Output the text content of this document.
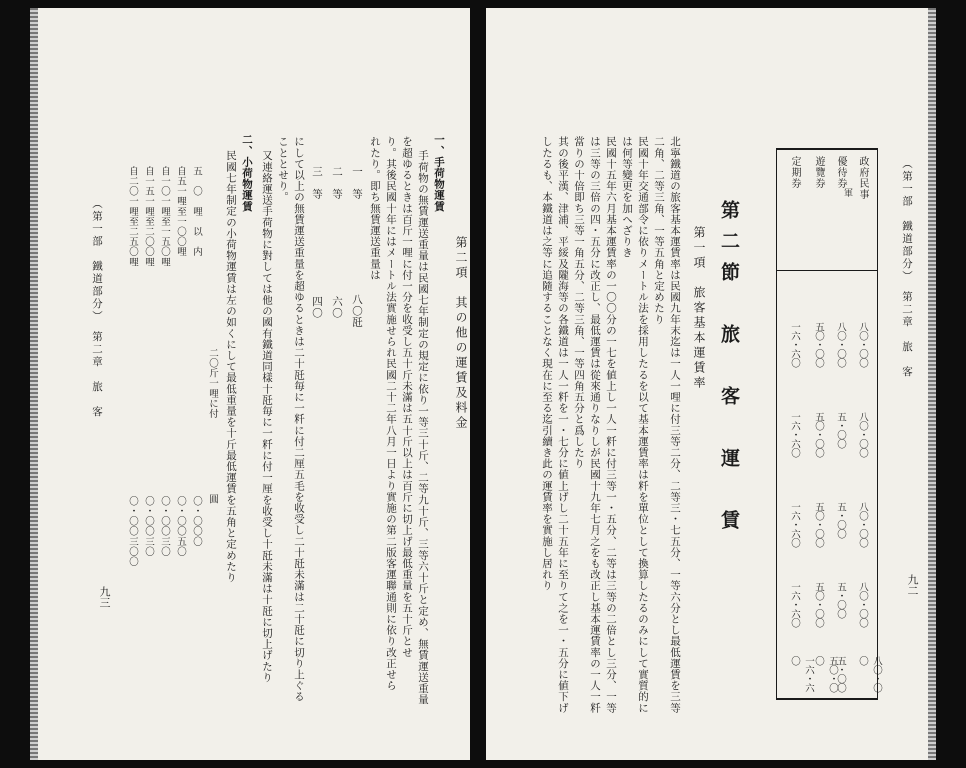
（第一部　鐵道部分）第二章　旅　客
九三
第二項　其の他の運賃及料金
一、手荷物運賃
手荷物の無賃運送重量は民國七年制定の規定に依り一等三十斤、二等九十斤、三等六十斤と定め、無賃運送重量
を超ゆるときは百斤一哩に付一分を收受し五十斤未滿は五十斤以上は百斤に切上げ最低重量を五十斤とせ
り。其後民國十年にはメートル法實施せられ民國二十二年八月一日より實施の第二版客運聯通則に依り改正せら
れたり。即ち無賃運送重量は
一　等
八〇瓩
二　等
六〇
三　等
四〇
にして以上の無賃運送重量を超ゆるときは二十瓩毎に一粁に付二厘五毛を收受し二十瓩未滿は二十瓩に切り上ぐる
こととせり。
又連絡運送手荷物に對しては他の國有鐵道同樣十瓩毎に一粁に付一厘を收受し十瓩未滿は十瓩に切上げたり
二、小荷物運賃
民國七年制定の小荷物運賃は左の如くにして最低重量を十斤最低運賃を五角と定めたり
二〇斤一哩に付
圓
五　〇　哩　以　内
〇・〇〇〇
自五一哩至一〇〇哩
〇・〇〇五〇
自一〇一哩至一五〇哩
〇・〇〇三〇
自一五一哩至二〇〇哩
〇・〇〇三〇
自二〇一哩至二五〇哩
〇・〇〇三〇〇
（第一部　鐵道部分）第二章　旅　客
九二
政府民事
優待券
遊覽券
定期券
軍
八〇・〇〇
八〇・〇〇
八〇・〇〇
八〇・〇〇
八〇・〇〇
八〇・〇〇
五・〇〇
五・〇〇
五・〇〇
五・〇〇
五〇・〇〇
五〇・〇〇
五〇・〇〇
五〇・〇〇
五〇・〇〇
一六・六〇
一六・六〇
一六・六〇
一六・六〇
一六・六〇
第二節　旅　客　運　賃
第一項　旅客基本運賃率
北寧鐵道の旅客基本運賃率は民國九年末迄は一人一哩に付三等二分、二等三・七五分、一等六分とし最低運賃を三等
二角、二等三角、一等五角と定めたり
民國十年交通部令に依りメートル法を採用したるを以て基本運賃率は粁を單位として換算したるのみにして實質的に
は何等變更を加へざりき
民國十五年六月基本運賃率の一〇〇分の一七を値上し一人一粁に付三等一・五分、二等は三等の二倍とし三分、一等
は三等の三倍の四・五分に改正し、最低運賃は從來通りなりしが民國十九年七月之をも改正し基本運賃率の一人一粁
當りの十倍即ち三等一角五分、二等三角、一等四角五分と爲したり
其の後平漢、津浦、平綏及隴海等の各鐵道は一人一粁を一・七分に値上げし二十五年に至りて之を一・五分に値下げ
したるも、本鐵道は之等に追隨することなく現在に至る迄引續き此の運賃率を實施し居れり
